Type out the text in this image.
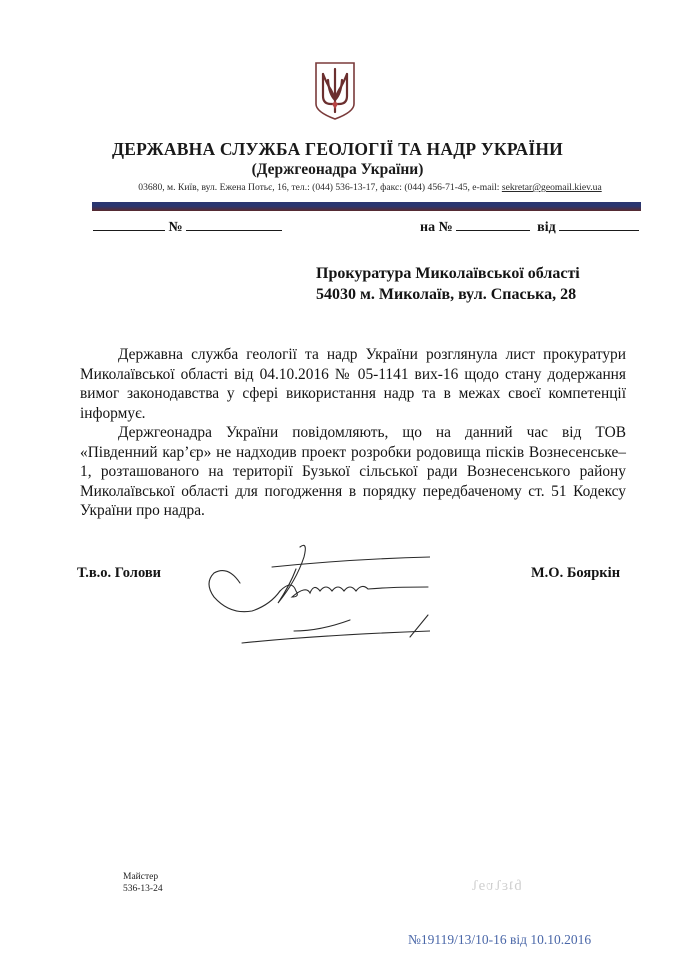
ДЕРЖАВНА СЛУЖБА ГЕОЛОГІЇ ТА НАДР УКРАЇНИ
(Держгеонадра України)
03680, м. Київ, вул. Ежена Потьє, 16, тел.: (044) 536-13-17, факс: (044) 456-71-45, e-mail: sekretar@geomail.kiev.ua
№	на №	від
Прокуратура Миколаївської області
54030 м. Миколаїв, вул. Спаська, 28

Державна служба геології та надр України розглянула лист прокуратури Миколаївської області від 04.10.2016 № 05-1141 вих-16 щодо стану додержання вимог законодавства у сфері використання надр та в межах своєї компетенції інформує.

Держгеонадра України повідомляють, що на данний час від ТОВ «Південний кар’єр» не надходив проект розробки родовища пісків Вознесенське–1, розташованого на території Бузької сільської ради Вознесенського району Миколаївської області для погодження в порядку передбаченому ст. 51 Кодексу України про надра.

Т.в.о. Голови	М.О. Бояркін
Майстер
536-13-24	ɓʇɛʅʋɘʅ
№19119/13/10-16 від 10.10.2016
